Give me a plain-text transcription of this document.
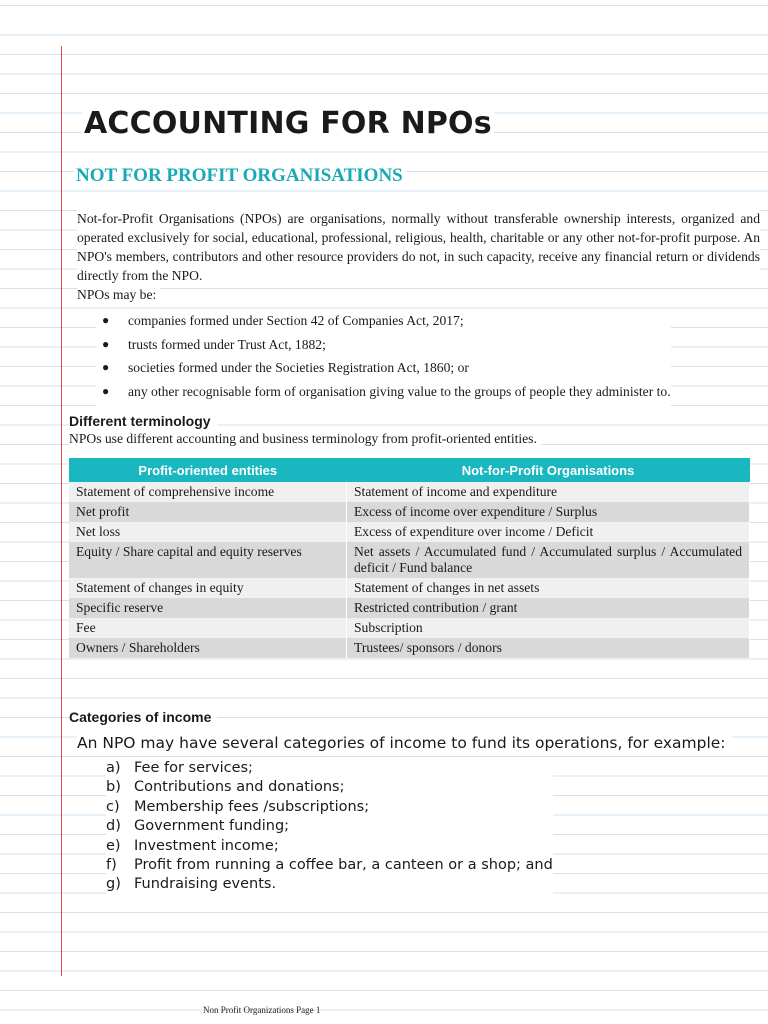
ACCOUNTING FOR NPOs
NOT FOR PROFIT ORGANISATIONS
Not-for-Profit Organisations (NPOs) are organisations, normally without transferable ownership interests, organized and operated exclusively for social, educational, professional, religious, health, charitable or any other not-for-profit purpose. An NPO's members, contributors and other resource providers do not, in such capacity, receive any financial return or dividends directly from the NPO.
NPOs may be:
● companies formed under Section 42 of Companies Act, 2017;
● trusts formed under Trust Act, 1882;
● societies formed under the Societies Registration Act, 1860; or
● any other recognisable form of organisation giving value to the groups of people they administer to.
Different terminology
NPOs use different accounting and business terminology from profit-oriented entities.
Profit-oriented entities	Not-for-Profit Organisations
Statement of comprehensive income	Statement of income and expenditure
Net profit	Excess of income over expenditure / Surplus
Net loss	Excess of expenditure over income / Deficit
Equity / Share capital and equity reserves	Net assets / Accumulated fund / Accumulated surplus / Accumulated deficit / Fund balance
Statement of changes in equity	Statement of changes in net assets
Specific reserve	Restricted contribution / grant
Fee	Subscription
Owners / Shareholders	Trustees/ sponsors / donors
Categories of income
An NPO may have several categories of income to fund its operations, for example:
a) Fee for services;
b) Contributions and donations;
c) Membership fees /subscriptions;
d) Government funding;
e) Investment income;
f) Profit from running a coffee bar, a canteen or a shop; and
g) Fundraising events.
Non Profit Organizations Page 1
